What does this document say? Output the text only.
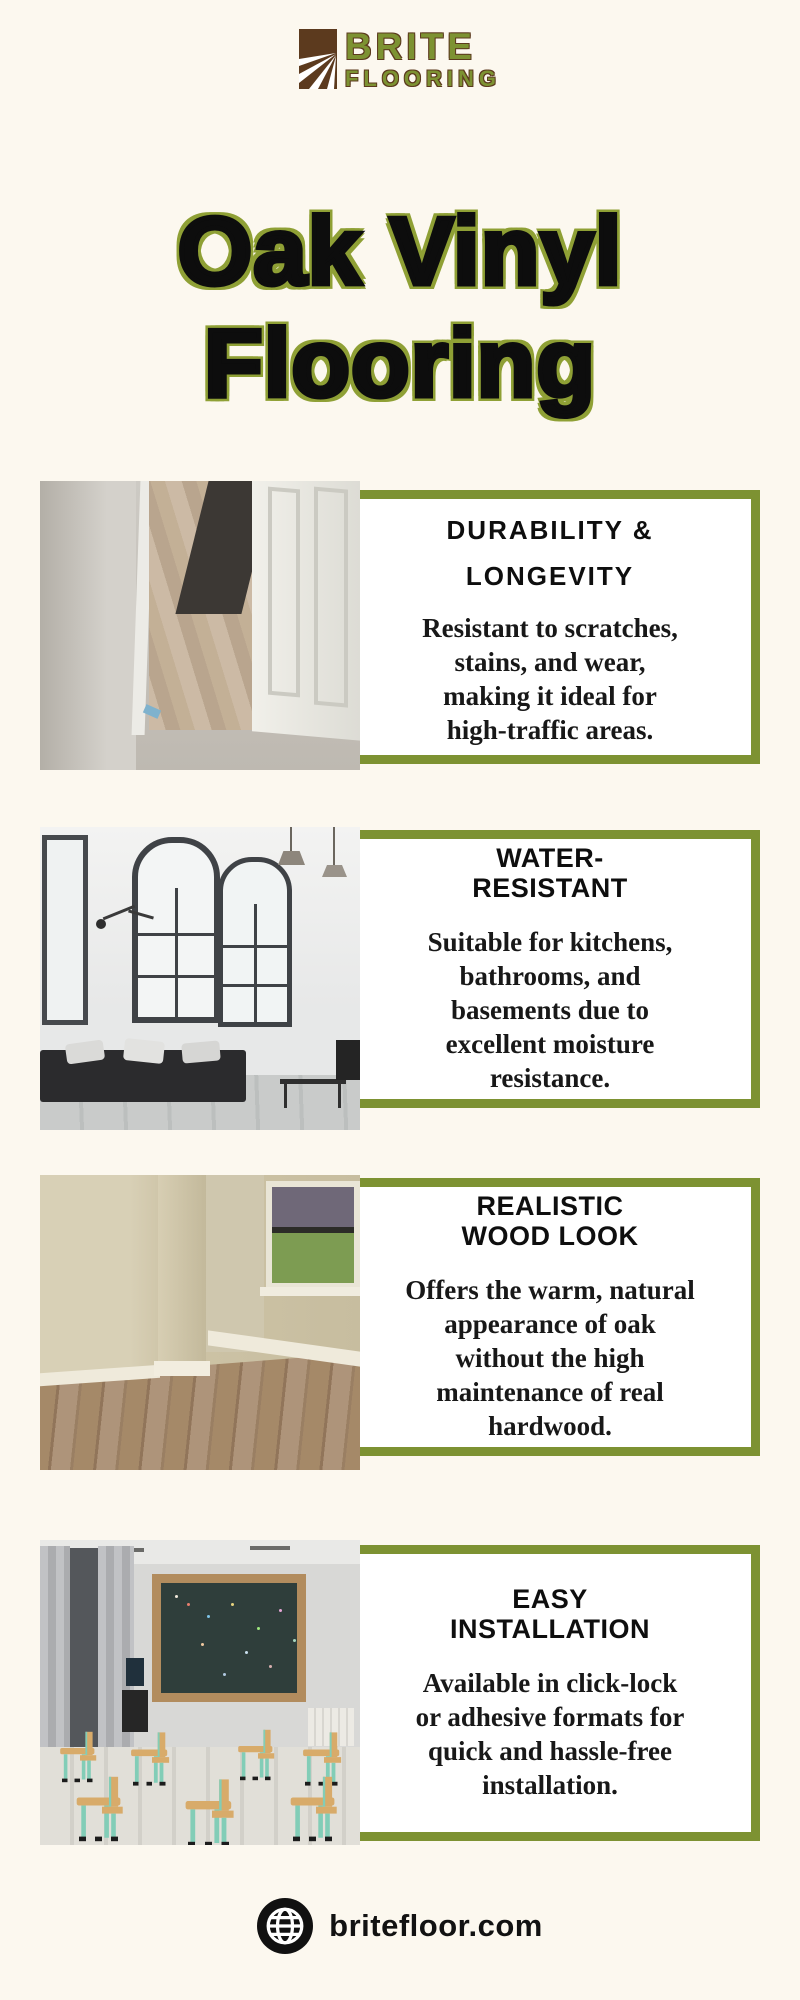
BRITE
FLOORING
Oak Vinyl
Flooring
DURABILITY &
LONGEVITY
Resistant to scratches,
stains, and wear,
making it ideal for
high-traffic areas.
WATER-
RESISTANT
Suitable for kitchens,
bathrooms, and
basements due to
excellent moisture
resistance.
REALISTIC
WOOD LOOK
Offers the warm, natural
appearance of oak
without the high
maintenance of real
hardwood.
EASY
INSTALLATION
Available in click-lock
or adhesive formats for
quick and hassle-free
installation.
britefloor.com
